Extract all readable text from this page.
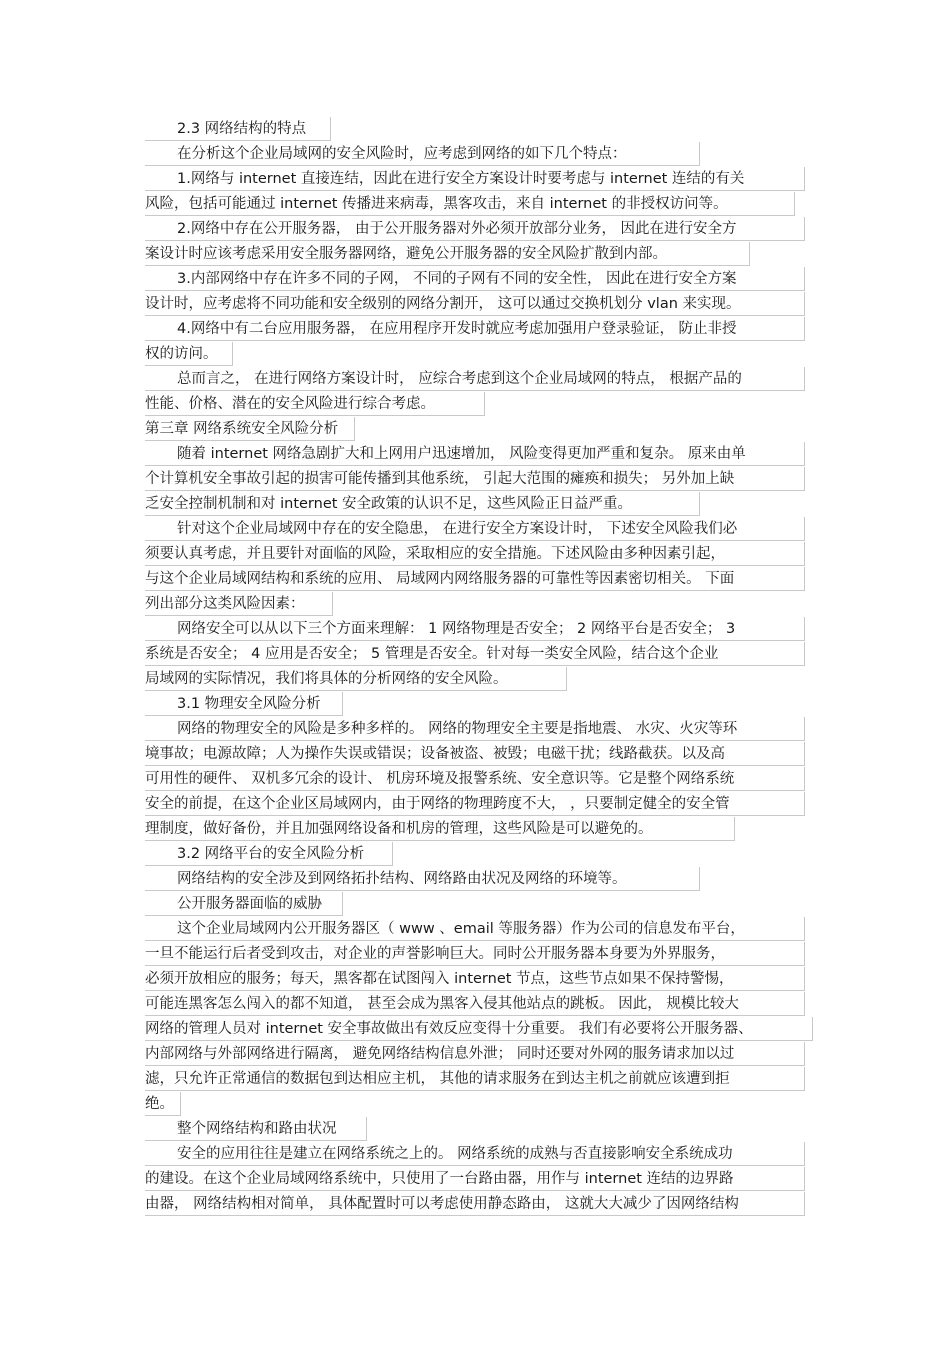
2.3 网络结构的特点
在分析这个企业局域网的安全风险时，应考虑到网络的如下几个特点：
1.网络与 internet 直接连结，因此在进行安全方案设计时要考虑与 internet 连结的有关
风险，包括可能通过 internet 传播进来病毒，黑客攻击，来自 internet 的非授权访问等。
2.网络中存在公开服务器， 由于公开服务器对外必须开放部分业务， 因此在进行安全方
案设计时应该考虑采用安全服务器网络，避免公开服务器的安全风险扩散到内部。
3.内部网络中存在许多不同的子网， 不同的子网有不同的安全性， 因此在进行安全方案
设计时，应考虑将不同功能和安全级别的网络分割开， 这可以通过交换机划分 vlan 来实现。
4.网络中有二台应用服务器， 在应用程序开发时就应考虑加强用户登录验证， 防止非授
权的访问。
总而言之， 在进行网络方案设计时， 应综合考虑到这个企业局域网的特点， 根据产品的
性能、价格、潜在的安全风险进行综合考虑。
第三章 网络系统安全风险分析
随着 internet 网络急剧扩大和上网用户迅速增加， 风险变得更加严重和复杂。 原来由单
个计算机安全事故引起的损害可能传播到其他系统， 引起大范围的瘫痪和损失； 另外加上缺
乏安全控制机制和对 internet 安全政策的认识不足，这些风险正日益严重。
针对这个企业局域网中存在的安全隐患， 在进行安全方案设计时， 下述安全风险我们必
须要认真考虑，并且要针对面临的风险，采取相应的安全措施。下述风险由多种因素引起，
与这个企业局域网结构和系统的应用、 局域网内网络服务器的可靠性等因素密切相关。 下面
列出部分这类风险因素：
网络安全可以从以下三个方面来理解： 1 网络物理是否安全； 2 网络平台是否安全； 3
系统是否安全； 4 应用是否安全； 5 管理是否安全。针对每一类安全风险，结合这个企业
局域网的实际情况，我们将具体的分析网络的安全风险。
3.1 物理安全风险分析
网络的物理安全的风险是多种多样的。 网络的物理安全主要是指地震、 水灾、火灾等环
境事故；电源故障；人为操作失误或错误；设备被盗、被毁；电磁干扰；线路截获。以及高
可用性的硬件、 双机多冗余的设计、 机房环境及报警系统、安全意识等。它是整个网络系统
安全的前提，在这个企业区局域网内，由于网络的物理跨度不大， ，只要制定健全的安全管
理制度，做好备份，并且加强网络设备和机房的管理，这些风险是可以避免的。
3.2 网络平台的安全风险分析
网络结构的安全涉及到网络拓扑结构、网络路由状况及网络的环境等。
公开服务器面临的威胁
这个企业局域网内公开服务器区（ www 、email 等服务器）作为公司的信息发布平台，
一旦不能运行后者受到攻击，对企业的声誉影响巨大。同时公开服务器本身要为外界服务，
必须开放相应的服务；每天，黑客都在试图闯入 internet 节点，这些节点如果不保持警惕，
可能连黑客怎么闯入的都不知道， 甚至会成为黑客入侵其他站点的跳板。 因此， 规模比较大
网络的管理人员对 internet 安全事故做出有效反应变得十分重要。 我们有必要将公开服务器、
内部网络与外部网络进行隔离， 避免网络结构信息外泄； 同时还要对外网的服务请求加以过
滤，只允许正常通信的数据包到达相应主机， 其他的请求服务在到达主机之前就应该遭到拒
绝。
整个网络结构和路由状况
安全的应用往往是建立在网络系统之上的。 网络系统的成熟与否直接影响安全系统成功
的建设。在这个企业局域网络系统中，只使用了一台路由器，用作与 internet 连结的边界路
由器， 网络结构相对简单， 具体配置时可以考虑使用静态路由， 这就大大减少了因网络结构
